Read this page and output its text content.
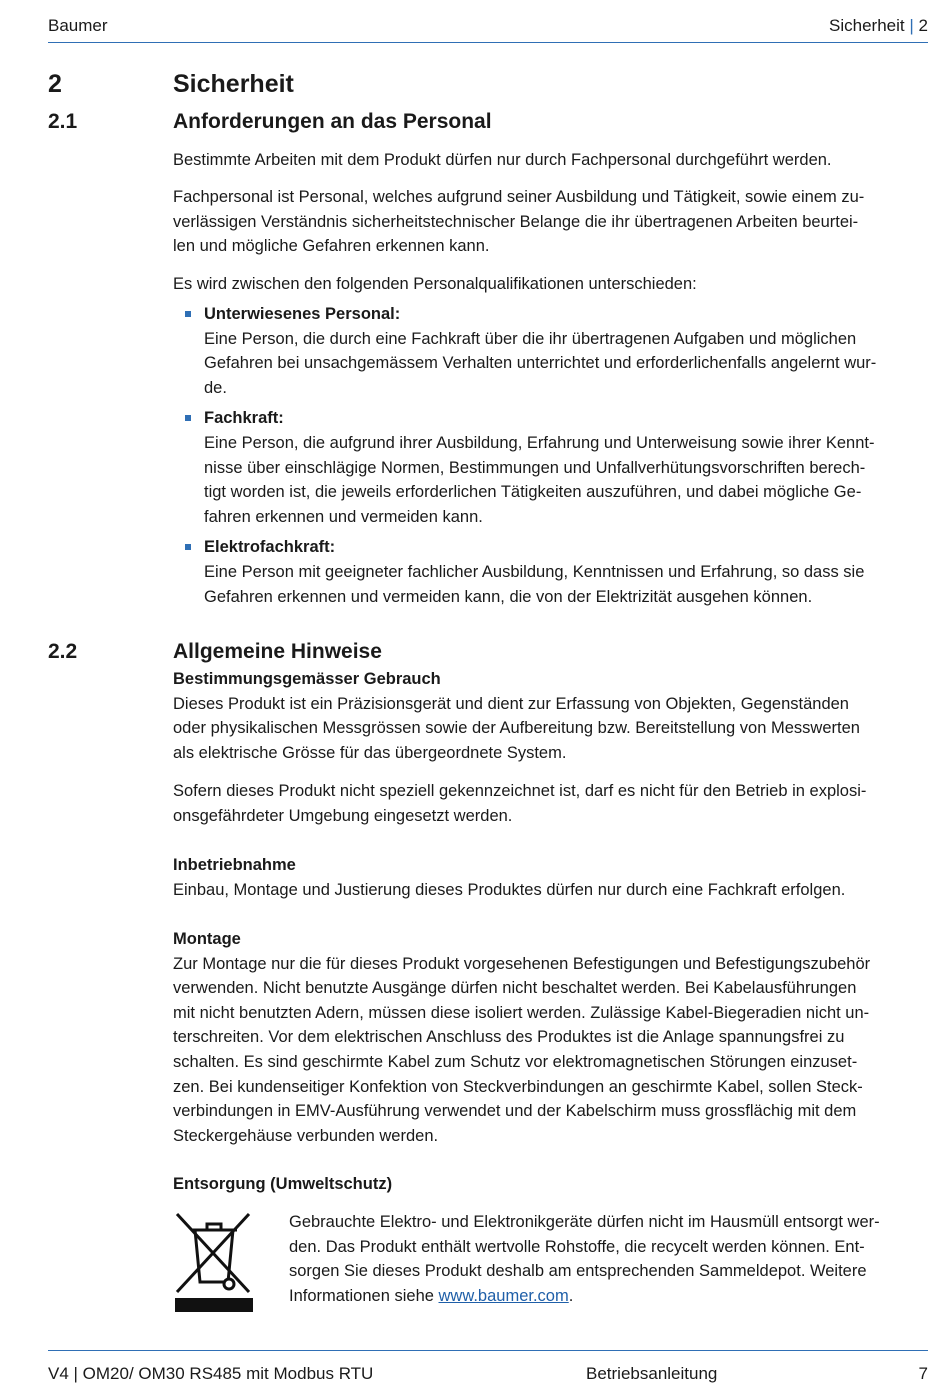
Baumer	Sicherheit | 2
2	Sicherheit
2.1	Anforderungen an das Personal

Bestimmte Arbeiten mit dem Produkt dürfen nur durch Fachpersonal durchgeführt werden.

Fachpersonal ist Personal, welches aufgrund seiner Ausbildung und Tätigkeit, sowie einem zu-
verlässigen Verständnis sicherheitstechnischer Belange die ihr übertragenen Arbeiten beurtei-
len und mögliche Gefahren erkennen kann.

Es wird zwischen den folgenden Personalqualifikationen unterschieden:

Unterwiesenes Personal:
Eine Person, die durch eine Fachkraft über die ihr übertragenen Aufgaben und möglichen
Gefahren bei unsachgemässem Verhalten unterrichtet und erforderlichenfalls angelernt wur-
de.
Fachkraft:
Eine Person, die aufgrund ihrer Ausbildung, Erfahrung und Unterweisung sowie ihrer Kennt-
nisse über einschlägige Normen, Bestimmungen und Unfallverhütungsvorschriften berech-
tigt worden ist, die jeweils erforderlichen Tätigkeiten auszuführen, und dabei mögliche Ge-
fahren erkennen und vermeiden kann.
Elektrofachkraft:
Eine Person mit geeigneter fachlicher Ausbildung, Kenntnissen und Erfahrung, so dass sie
Gefahren erkennen und vermeiden kann, die von der Elektrizität ausgehen können.
2.2	Allgemeine Hinweise
Bestimmungsgemässer Gebrauch
Dieses Produkt ist ein Präzisionsgerät und dient zur Erfassung von Objekten, Gegenständen
oder physikalischen Messgrössen sowie der Aufbereitung bzw. Bereitstellung von Messwerten
als elektrische Grösse für das übergeordnete System.
Sofern dieses Produkt nicht speziell gekennzeichnet ist, darf es nicht für den Betrieb in explosi-
onsgefährdeter Umgebung eingesetzt werden.
Inbetriebnahme
Einbau, Montage und Justierung dieses Produktes dürfen nur durch eine Fachkraft erfolgen.
Montage
Zur Montage nur die für dieses Produkt vorgesehenen Befestigungen und Befestigungszubehör
verwenden. Nicht benutzte Ausgänge dürfen nicht beschaltet werden. Bei Kabelausführungen
mit nicht benutzten Adern, müssen diese isoliert werden. Zulässige Kabel-Biegeradien nicht un-
terschreiten. Vor dem elektrischen Anschluss des Produktes ist die Anlage spannungsfrei zu
schalten. Es sind geschirmte Kabel zum Schutz vor elektromagnetischen Störungen einzuset-
zen. Bei kundenseitiger Konfektion von Steckverbindungen an geschirmte Kabel, sollen Steck-
verbindungen in EMV-Ausführung verwendet und der Kabelschirm muss grossflächig mit dem
Steckergehäuse verbunden werden.
Entsorgung (Umweltschutz)
Gebrauchte Elektro- und Elektronikgeräte dürfen nicht im Hausmüll entsorgt wer-
den. Das Produkt enthält wertvolle Rohstoffe, die recycelt werden können. Ent-
sorgen Sie dieses Produkt deshalb am entsprechenden Sammeldepot. Weitere
Informationen siehe www.baumer.com.
V4 | OM20/ OM30 RS485 mit Modbus RTU	Betriebsanleitung	7
